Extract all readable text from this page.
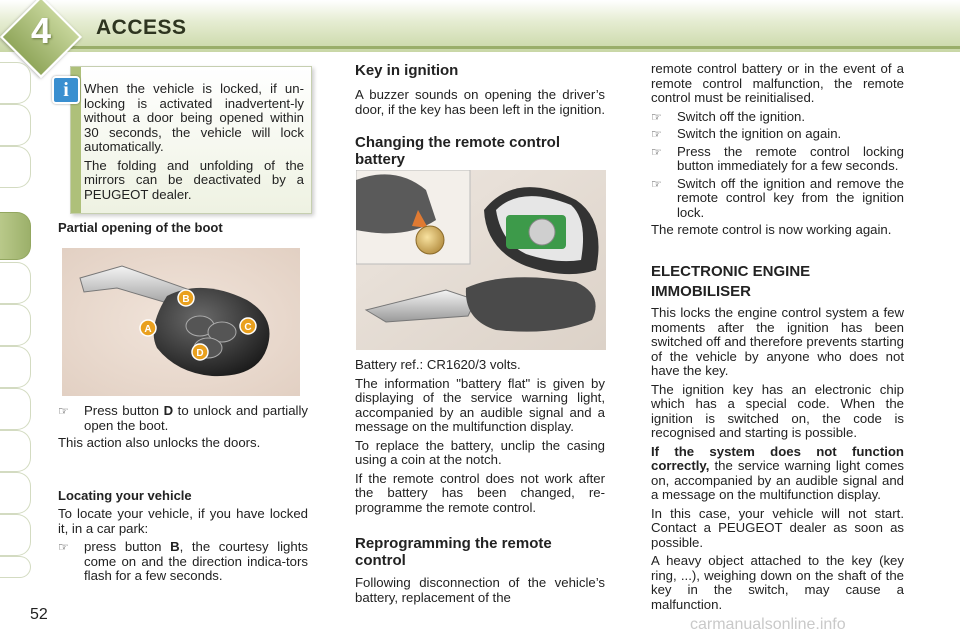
4	ACCESS
i	When the vehicle is locked, if un-locking is activated inadvertent-ly without a door being opened within 30 seconds, the vehicle will lock automatically.

The folding and unfolding of the mirrors can be deactivated by a PEUGEOT dealer.

Partial opening of the boot
B
A	C
D
☞	Press button D to unlock and partially open the boot.

This action also unlocks the doors.

Locating your vehicle

To locate your vehicle, if you have locked it, in a car park:

☞	press button B, the courtesy lights come on and the direction indica-tors flash for a few seconds.
Key in ignition

A buzzer sounds on opening the driver’s door, if the key has been left in the ignition.

Changing the remote control battery

Battery ref.: CR1620/3 volts.

The information "battery flat" is given by displaying of the service warning light, accompanied by an audible signal and a message on the multifunction display.

To replace the battery, unclip the casing using a coin at the notch.

If the remote control does not work after the battery has been changed, re-programme the remote control.

Reprogramming the remote control

Following disconnection of the vehicle’s battery, replacement of the

remote control battery or in the event of a remote control malfunction, the remote control must be reinitialised.

☞	Switch off the ignition.
☞	Switch the ignition on again.
☞	Press the remote control locking button immediately for a few seconds.
☞	Switch off the ignition and remove the remote control key from the ignition lock.

The remote control is now working again.

ELECTRONIC ENGINE IMMOBILISER

This locks the engine control system a few moments after the ignition has been switched off and therefore prevents starting of the vehicle by anyone who does not have the key.

The ignition key has an electronic chip which has a special code. When the ignition is switched on, the code is recognised and starting is possible.

If the system does not function correctly, the service warning light comes on, accompanied by an audible signal and a message on the multifunction display.

In this case, your vehicle will not start. Contact a PEUGEOT dealer as soon as possible.

A heavy object attached to the key (key ring, ...), weighing down on the shaft of the key in the switch, may cause a malfunction.

52
carmanualsonline.info
